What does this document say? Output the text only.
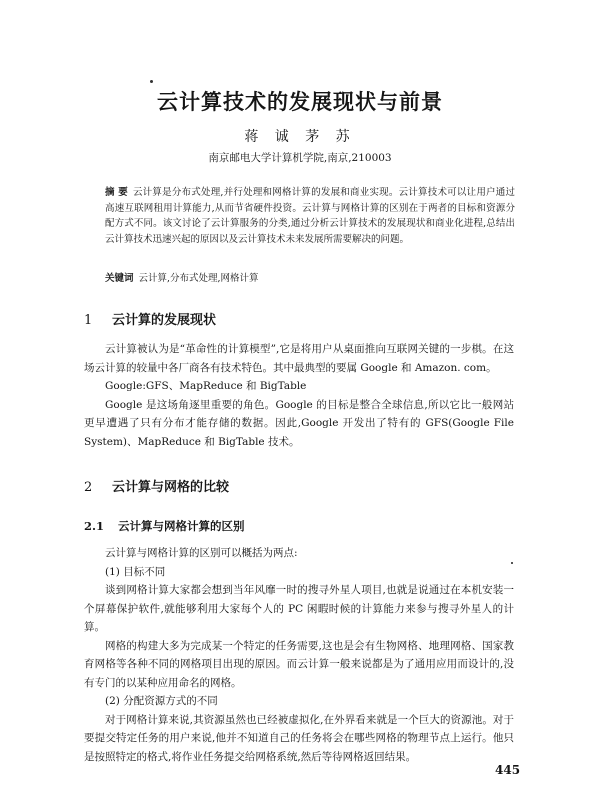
云计算技术的发展现状与前景
蒋 诚 茅 苏
南京邮电大学计算机学院,南京,210003
摘 要 云计算是分布式处理,并行处理和网格计算的发展和商业实现。云计算技术可以让用户通过高速互联网租用计算能力,从而节省硬件投资。云计算与网格计算的区别在于两者的目标和资源分配方式不同。该文讨论了云计算服务的分类,通过分析云计算技术的发展现状和商业化进程,总结出云计算技术迅速兴起的原因以及云计算技术未来发展所需要解决的问题。
关键词 云计算,分布式处理,网格计算
1 云计算的发展现状

云计算被认为是“革命性的计算模型”,它是将用户从桌面推向互联网关键的一步棋。在这场云计算的较量中各厂商各有技术特色。其中最典型的要属 Google 和 Amazon. com。

Google:GFS、MapReduce 和 BigTable

Google 是这场角逐里重要的角色。Google 的目标是整合全球信息,所以它比一般网站更早遭遇了只有分布才能存储的数据。因此,Google 开发出了特有的 GFS(Google File System)、MapReduce 和 BigTable 技术。

2 云计算与网格的比较
2.1 云计算与网格计算的区别

云计算与网格计算的区别可以概括为两点:

(1) 目标不同

谈到网格计算大家都会想到当年风靡一时的搜寻外星人项目,也就是说通过在本机安装一个屏幕保护软件,就能够利用大家每个人的 PC 闲暇时候的计算能力来参与搜寻外星人的计算。

网格的构建大多为完成某一个特定的任务需要,这也是会有生物网格、地理网格、国家教育网格等各种不同的网格项目出现的原因。而云计算一般来说都是为了通用应用而设计的,没有专门的以某种应用命名的网格。

(2) 分配资源方式的不同

对于网格计算来说,其资源虽然也已经被虚拟化,在外界看来就是一个巨大的资源池。对于要提交特定任务的用户来说,他并不知道自己的任务将会在哪些网格的物理节点上运行。他只是按照特定的格式,将作业任务提交给网格系统,然后等待网格返回结果。

445
